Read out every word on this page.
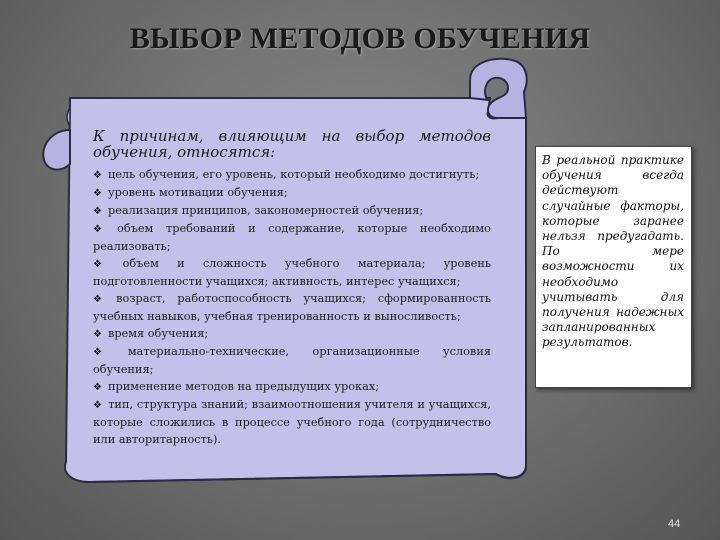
ВЫБОР МЕТОДОВ ОБУЧЕНИЯ
К причинам, влияющим на выбор методов обучения, относятся:
❖ цель обучения, его уровень, который необходимо достигнуть;
❖ уровень мотивации обучения;
❖ реализация принципов, закономерностей обучения;
❖ объем требований и содержание, которые необходимо реализовать;
❖ объем и сложность учебного материала; уровень подготовленности учащихся; активность, интерес учащихся;
❖ возраст, работоспособность учащихся; сформированность учебных навыков, учебная тренированность и выносливость;
❖ время обучения;
❖ материально-технические, организационные условия обучения;
❖ применение методов на предыдущих уроках;
❖ тип, структура знаний; взаимоотношения учителя и учащихся, которые сложились в процессе учебного года (сотрудничество или авторитарность).
В реальной практике обучения всегда действуют случайные факторы, которые заранее нельзя предугадать. По мере возможности их необходимо учитывать для получения надежных запланированных результатов.
44
